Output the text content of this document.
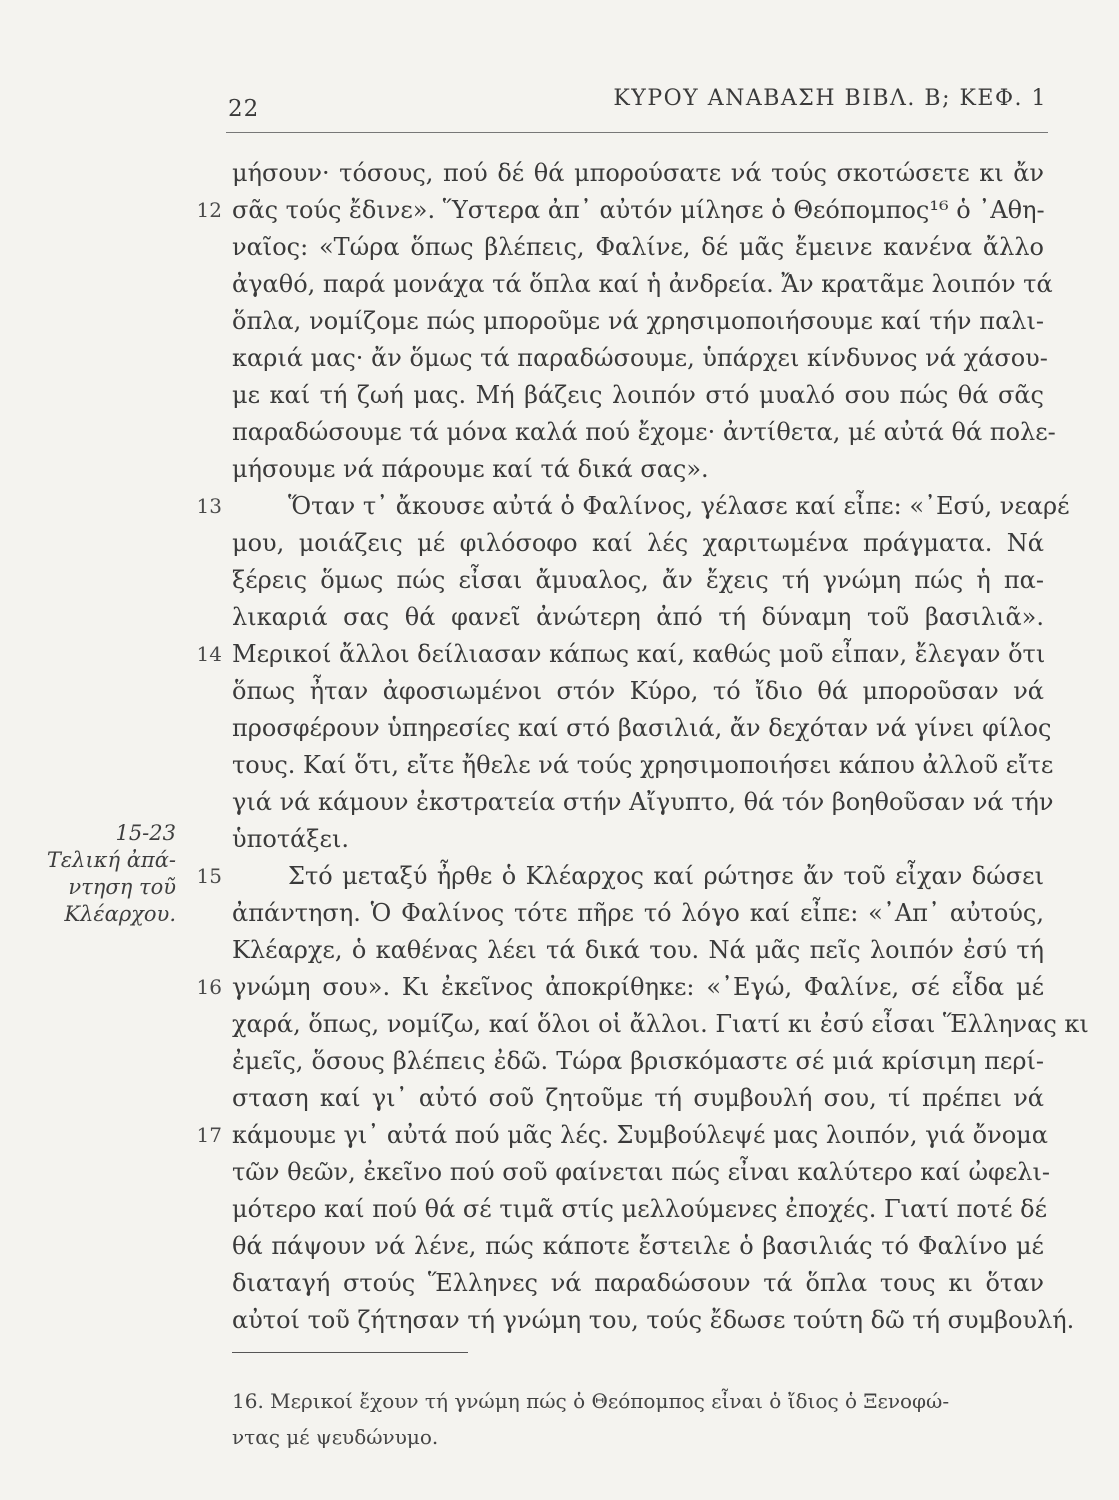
22	ΚΥΡΟΥ ΑΝΑΒΑΣΗ ΒΙΒΛ. Β; ΚΕΦ. 1
μήσουν· τόσους, πού δέ θά μπορούσατε νά τούς σκοτώσετε κι ἄν
σᾶς τούς ἔδινε». Ὕστερα ἀπ᾽ αὐτόν μίλησε ὁ Θεόπομπος¹⁶ ὁ ᾽Αθη-
ναῖος: «Τώρα ὅπως βλέπεις, Φαλίνε, δέ μᾶς ἔμεινε κανένα ἄλλο
ἀγαθό, παρά μονάχα τά ὅπλα καί ἡ ἀνδρεία. Ἄν κρατᾶμε λοιπόν τά
ὅπλα, νομίζομε πώς μποροῦμε νά χρησιμοποιήσουμε καί τήν παλι-
καριά μας· ἄν ὅμως τά παραδώσουμε, ὑπάρχει κίνδυνος νά χάσου-
με καί τή ζωή μας. Μή βάζεις λοιπόν στό μυαλό σου πώς θά σᾶς
παραδώσουμε τά μόνα καλά πού ἔχομε· ἀντίθετα, μέ αὐτά θά πολε-
μήσουμε νά πάρουμε καί τά δικά σας».
Ὅταν τ᾽ ἄκουσε αὐτά ὁ Φαλίνος, γέλασε καί εἶπε: «᾽Εσύ, νεαρέ
μου, μοιάζεις μέ φιλόσοφο καί λές χαριτωμένα πράγματα. Νά
ξέρεις ὅμως πώς εἶσαι ἄμυαλος, ἄν ἔχεις τή γνώμη πώς ἡ πα-
λικαριά σας θά φανεῖ ἀνώτερη ἀπό τή δύναμη τοῦ βασιλιᾶ».
Μερικοί ἄλλοι δείλιασαν κάπως καί, καθώς μοῦ εἶπαν, ἔλεγαν ὅτι
ὅπως ἦταν ἀφοσιωμένοι στόν Κύρο, τό ἴδιο θά μποροῦσαν νά
προσφέρουν ὑπηρεσίες καί στό βασιλιά, ἄν δεχόταν νά γίνει φίλος
τους. Καί ὅτι, εἴτε ἤθελε νά τούς χρησιμοποιήσει κάπου ἀλλοῦ εἴτε
γιά νά κάμουν ἐκστρατεία στήν Αἴγυπτο, θά τόν βοηθοῦσαν νά τήν
ὑποτάξει.
Στό μεταξύ ἦρθε ὁ Κλέαρχος καί ρώτησε ἄν τοῦ εἶχαν δώσει
ἀπάντηση. Ὁ Φαλίνος τότε πῆρε τό λόγο καί εἶπε: «᾽Απ᾽ αὐτούς,
Κλέαρχε, ὁ καθένας λέει τά δικά του. Νά μᾶς πεῖς λοιπόν ἐσύ τή
γνώμη σου». Κι ἐκεῖνος ἀποκρίθηκε: «᾽Εγώ, Φαλίνε, σέ εἶδα μέ
χαρά, ὅπως, νομίζω, καί ὅλοι οἱ ἄλλοι. Γιατί κι ἐσύ εἶσαι Ἕλληνας κι
ἐμεῖς, ὅσους βλέπεις ἐδῶ. Τώρα βρισκόμαστε σέ μιά κρίσιμη περί-
σταση καί γι᾽ αὐτό σοῦ ζητοῦμε τή συμβουλή σου, τί πρέπει νά
κάμουμε γι᾽ αὐτά πού μᾶς λές. Συμβούλεψέ μας λοιπόν, γιά ὄνομα
τῶν θεῶν, ἐκεῖνο πού σοῦ φαίνεται πώς εἶναι καλύτερο καί ὠφελι-
μότερο καί πού θά σέ τιμᾶ στίς μελλούμενες ἐποχές. Γιατί ποτέ δέ
θά πάψουν νά λένε, πώς κάποτε ἔστειλε ὁ βασιλιάς τό Φαλίνο μέ
διαταγή στούς Ἕλληνες νά παραδώσουν τά ὅπλα τους κι ὅταν
αὐτοί τοῦ ζήτησαν τή γνώμη του, τούς ἔδωσε τούτη δῶ τή συμβουλή.
12
13
14
15
16
17
15-23
Τελική ἀπά-
ντηση τοῦ
Κλέαρχου.
16. Μερικοί ἔχουν τή γνώμη πώς ὁ Θεόπομπος εἶναι ὁ ἴδιος ὁ Ξενοφώ-
ντας μέ ψευδώνυμο.
